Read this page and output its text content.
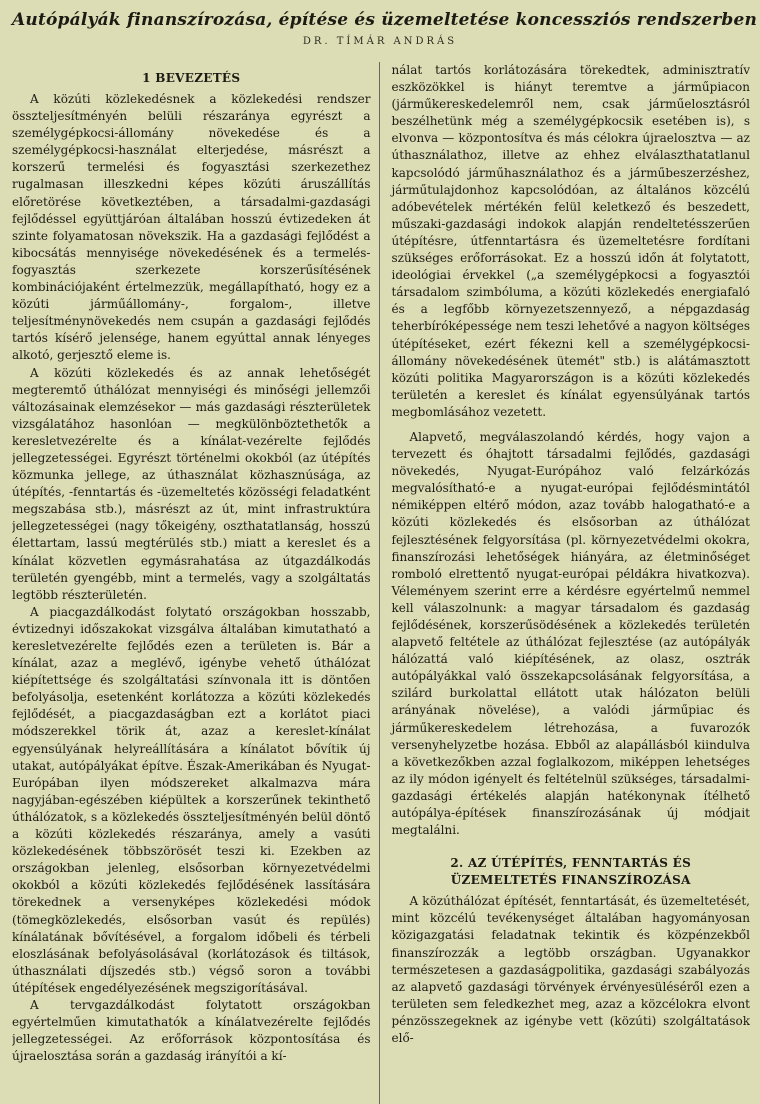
Autópályák finanszírozása, építése és üzemeltetése koncessziós rendszerben
DR. TÍMÁR ANDRÁS
1 BEVEZETÉS

A közúti közlekedésnek a közlekedési rendszer összteljesítményén belüli részaránya egyrészt a személygépkocsi-állomány növekedése és a személygépkocsi-használat elterjedése, másrészt a korszerű termelési és fogyasztási szerkezethez rugalmasan illeszkedni képes közúti áruszállítás előretörése következtében, a társadalmi-gazdasági fejlődéssel együttjáróan általában hosszú évtizedeken át szinte folyamatosan növekszik. Ha a gazdasági fejlődést a kibocsátás mennyisége növekedésének és a termelés-fogyasztás szerkezete korszerűsítésének kombinációjaként értelmezzük, megállapítható, hogy ez a közúti járműállomány-, forgalom-, illetve teljesítménynövekedés nem csupán a gazdasági fejlődés tartós kísérő jelensége, hanem egyúttal annak lényeges alkotó, gerjesztő eleme is.

A közúti közlekedés és az annak lehetőségét megteremtő úthálózat mennyiségi és minőségi jellemzői változásainak elemzésekor — más gazdasági részterületek vizsgálatához hasonlóan — megkülönböztethetők a keresletvezérelte és a kínálat-vezérelte fejlődés jellegzetességei. Egyrészt történelmi okokból (az útépítés közmunka jellege, az úthasználat közhasznúsága, az útépítés, -fenntartás és -üzemeltetés közösségi feladatként megszabása stb.), másrészt az út, mint infrastruktúra jellegzetességei (nagy tőkeigény, oszthatatlanság, hosszú élettartam, lassú megtérülés stb.) miatt a kereslet és a kínálat közvetlen egymásrahatása az útgazdálkodás területén gyengébb, mint a termelés, vagy a szolgáltatás legtöbb részterületén.

A piacgazdálkodást folytató országokban hosszabb, évtizednyi időszakokat vizsgálva általában kimutatható a keresletvezérelte fejlődés ezen a területen is. Bár a kínálat, azaz a meglévő, igénybe vehető úthálózat kiépítettsége és szolgáltatási színvonala itt is döntően befolyásolja, esetenként korlátozza a közúti közlekedés fejlődését, a piacgazdaságban ezt a korlátot piaci módszerekkel törik át, azaz a kereslet-kínálat egyensúlyának helyreállítására a kínálatot bővítik új utakat, autópályákat építve. Észak-Amerikában és Nyugat-Európában ilyen módszereket alkalmazva mára nagyjában-egészében kiépültek a korszerűnek tekinthető úthálózatok, s a közlekedés összteljesítményén belül döntő a közúti közlekedés részaránya, amely a vasúti közlekedésének többszörösét teszi ki. Ezekben az országokban jelenleg, elsősorban környezetvédelmi okokból a közúti közlekedés fejlődésének lassítására törekednek a versenyképes közlekedési módok (tömegközlekedés, elsősorban vasút és repülés) kínálatának bővítésével, a forgalom időbeli és térbeli eloszlásának befolyásolásával (korlátozások és tiltások, úthasználati díjszedés stb.) végső soron a további útépítések engedélyezésének megszigorításával.

A tervgazdálkodást folytatott országokban egyértelműen kimutathatók a kínálatvezérelte fejlődés jellegzetességei. Az erőforrások központosítása és újraelosztása során a gazdaság irányítói a kí-

nálat tartós korlátozására törekedtek, adminisztratív eszközökkel is hiányt teremtve a járműpiacon (járműkereskedelemről nem, csak járműelosztásról beszélhetünk még a személygépkocsik esetében is), s elvonva — központosítva és más célokra újraelosztva — az úthasználathoz, illetve az ehhez elválaszthatatlanul kapcsolódó járműhasználathoz és a járműbeszerzéshez, járműtulajdonhoz kapcsolódóan, az általános közcélú adóbevételek mértékén felül keletkező és beszedett, műszaki-gazdasági indokok alapján rendeltetésszerűen útépítésre, útfenntartásra és üzemeltetésre fordítani szükséges erőforrásokat. Ez a hosszú időn át folytatott, ideológiai érvekkel („a személygépkocsi a fogyasztói társadalom szimbóluma, a közúti közlekedés energiafaló és a legfőbb környezetszennyező, a népgazdaság teherbíróképessége nem teszi lehetővé a nagyon költséges útépítéseket, ezért fékezni kell a személygépkocsi-állomány növekedésének ütemét" stb.) is alátámasztott közúti politika Magyarországon is a közúti közlekedés területén a kereslet és kínálat egyensúlyának tartós megbomlásához vezetett.

Alapvető, megválaszolandó kérdés, hogy vajon a tervezett és óhajtott társadalmi fejlődés, gazdasági növekedés, Nyugat-Európához való felzárkózás megvalósítható-e a nyugat-európai fejlődésmintától némiképpen eltérő módon, azaz tovább halogatható-e a közúti közlekedés és elsősorban az úthálózat fejlesztésének felgyorsítása (pl. környezetvédelmi okokra, finanszírozási lehetőségek hiányára, az életminőséget romboló elrettentő nyugat-európai példákra hivatkozva). Véleményem szerint erre a kérdésre egyértelmű nemmel kell válaszolnunk: a magyar társadalom és gazdaság fejlődésének, korszerűsödésének a közlekedés területén alapvető feltétele az úthálózat fejlesztése (az autópályák hálózattá való kiépítésének, az olasz, osztrák autópályákkal való összekapcsolásának felgyorsítása, a szilárd burkolattal ellátott utak hálózaton belüli arányának növelése), a valódi járműpiac és járműkereskedelem létrehozása, a fuvarozók versenyhelyzetbe hozása. Ebből az alapállásból kiindulva a következőkben azzal foglalkozom, miképpen lehetséges az ily módon igényelt és feltételnül szükséges, társadalmi-gazdasági értékelés alapján hatékonynak ítélhető autópálya-építések finanszírozásának új módjait megtalálni.

2. AZ ÚTÉPÍTÉS, FENNTARTÁS ÉS
ÜZEMELTETÉS FINANSZÍROZÁSA

A közúthálózat építését, fenntartását, és üzemeltetését, mint közcélú tevékenységet általában hagyományosan közigazgatási feladatnak tekintik és közpénzekből finanszírozzák a legtöbb országban. Ugyanakkor természetesen a gazdaságpolitika, gazdasági szabályozás az alapvető gazdasági törvények érvényesüléséről ezen a területen sem feledkezhet meg, azaz a közcélokra elvont pénzösszegeknek az igénybe vett (közúti) szolgáltatások elő-
